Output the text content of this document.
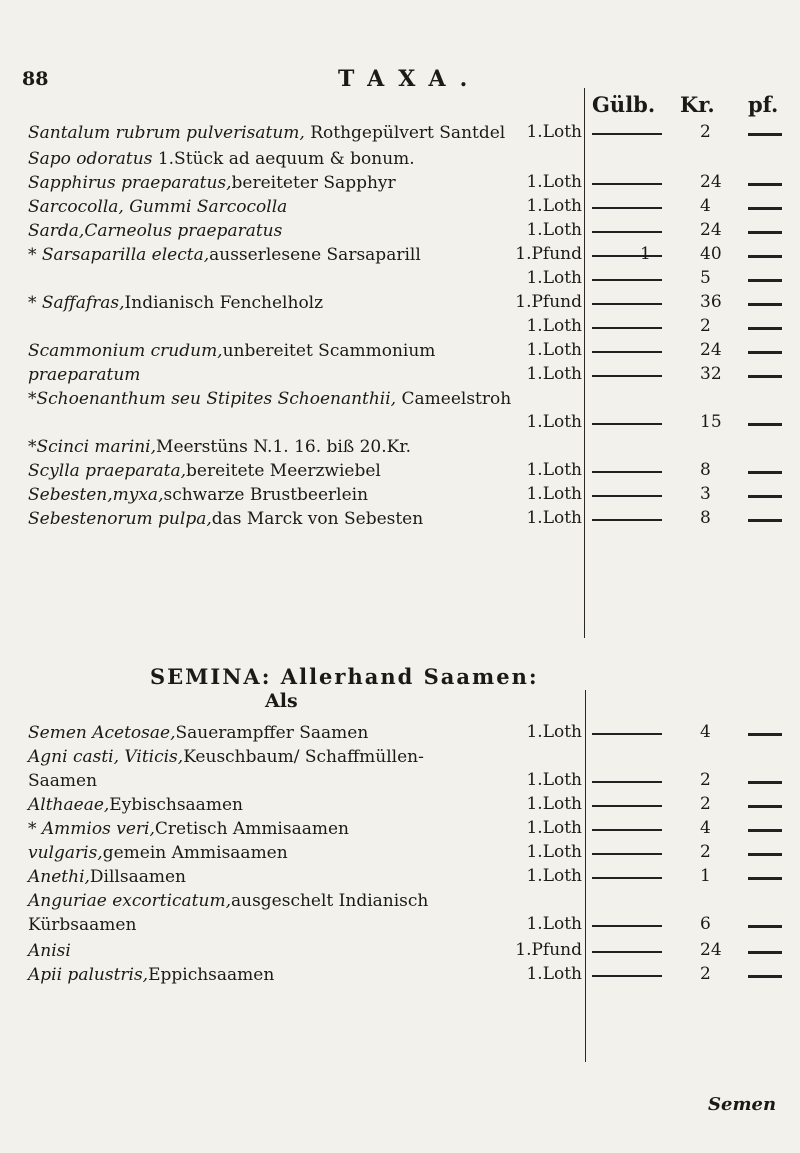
88	TAXA.
Gülb. Kr. pf.
Santalum rubrum pulverisatum, Rothgepülvert Santdel	1.Loth	2
Sapo odoratus 1.Stück ad aequum & bonum.
Sapphirus praeparatus,bereiteter Sapphyr	1.Loth	24
Sarcocolla, Gummi Sarcocolla	1.Loth	4
Sarda,Carneolus praeparatus	1.Loth	24
* Sarsaparilla electa,ausserlesene Sarsaparill	1.Pfund	1	40
1.Loth	5
* Saffafras,Indianisch Fenchelholz	1.Pfund	36
1.Loth	2
Scammonium crudum,unbereitet Scammonium	1.Loth	24
praeparatum	1.Loth	32
*Schoenanthum seu Stipites Schoenanthii, Cameelstroh
1.Loth	15
*Scinci marini,Meerstüns N.1. 16. biß 20.Kr.
Scylla praeparata,bereitete Meerzwiebel	1.Loth	8
Sebesten,myxa,schwarze Brustbeerlein	1.Loth	3
Sebestenorum pulpa,das Marck von Sebesten	1.Loth	8
SEMINA: Allerhand Saamen:
Als
Semen Acetosae,Sauerampffer Saamen	1.Loth	4
Agni casti, Viticis,Keuschbaum/ Schaffmüllen-
Saamen	1.Loth	2
Althaeae,Eybischsaamen	1.Loth	2
* Ammios veri,Cretisch Ammisaamen	1.Loth	4
vulgaris,gemein Ammisaamen	1.Loth	2
Anethi,Dillsaamen	1.Loth	1
Anguriae excorticatum,ausgeschelt Indianisch
Kürbsaamen	1.Loth	6
Anisi	1.Pfund	24
Apii palustris,Eppichsaamen	1.Loth	2
Semen
